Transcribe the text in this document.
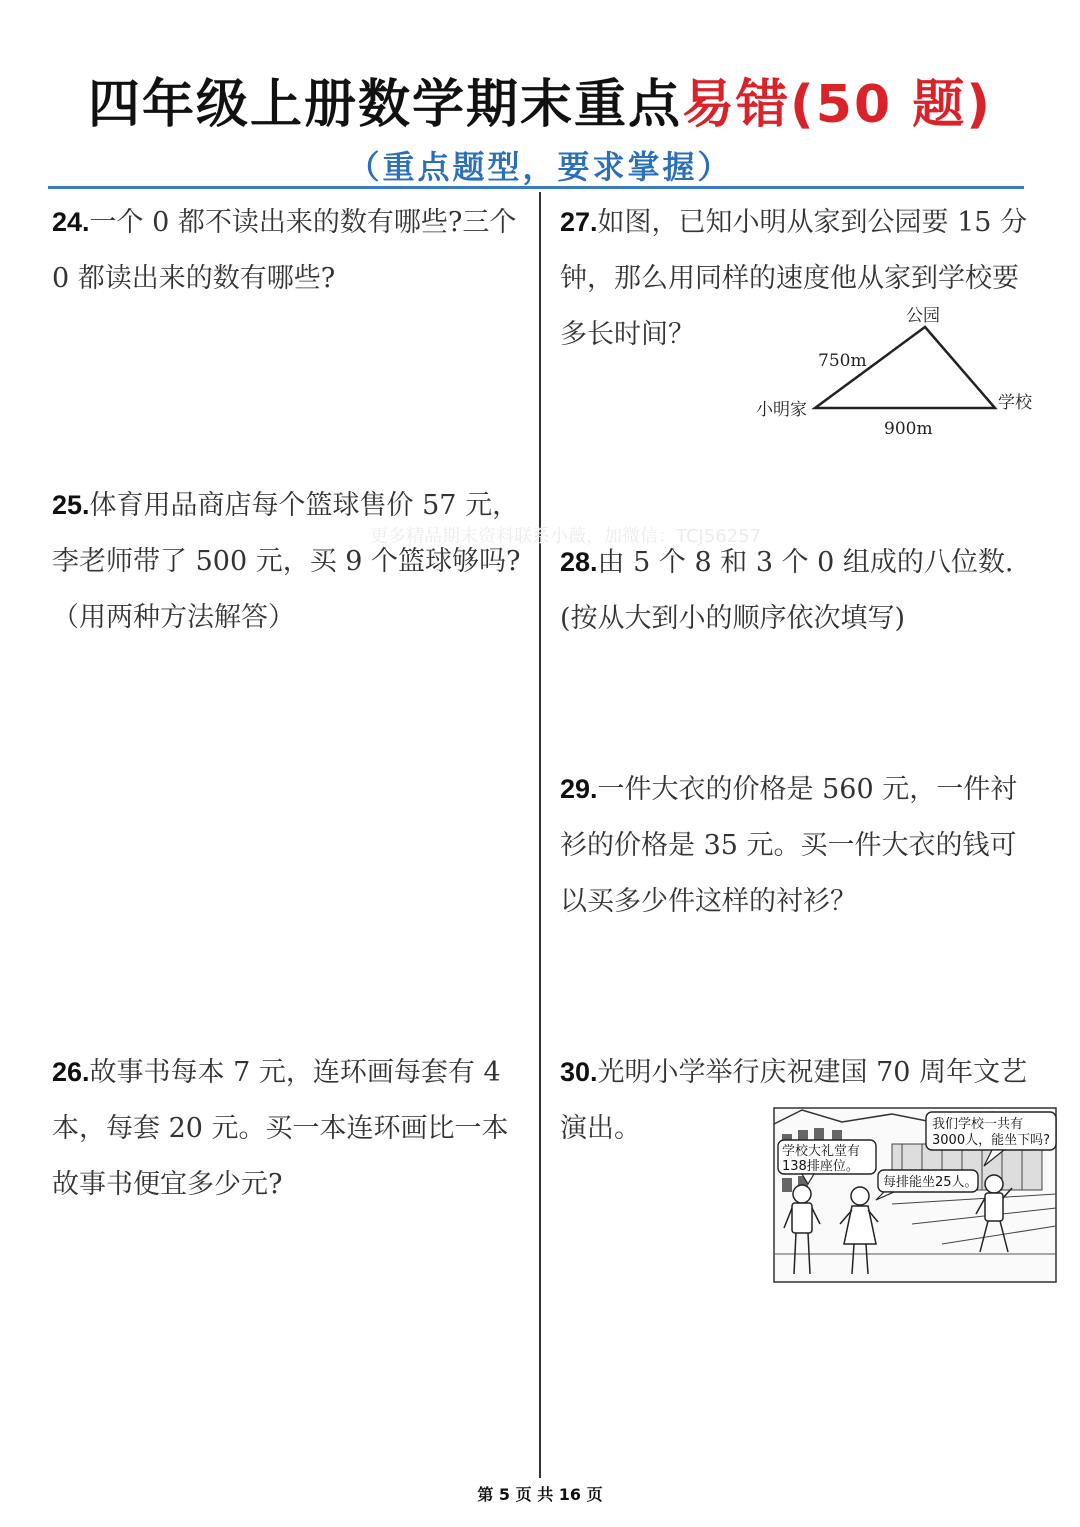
四年级上册数学期末重点易错(50 题)
（重点题型，要求掌握）
24.一个 0 都不读出来的数有哪些?三个 0 都读出来的数有哪些?
25.体育用品商店每个篮球售价 57 元，李老师带了 500 元，买 9 个篮球够吗?（用两种方法解答）
26.故事书每本 7 元，连环画每套有 4 本，每套 20 元。买一本连环画比一本故事书便宜多少元?
27.如图，已知小明从家到公园要 15 分钟，那么用同样的速度他从家到学校要多长时间？
公园
小明家	学校
750m
900m
更多精品期末资料联系小薇，加微信：TCJ56257
28.由 5 个 8 和 3 个 0 组成的八位数.(按从大到小的顺序依次填写)
29.一件大衣的价格是 560 元，一件衬衫的价格是 35 元。买一件大衣的钱可以买多少件这样的衬衫？
30.光明小学举行庆祝建国 70 周年文艺演出。
学校大礼堂有
138排座位。
每排能坐25人。
我们学校一共有
3000人，能坐下吗?
第 5 页 共 16 页
